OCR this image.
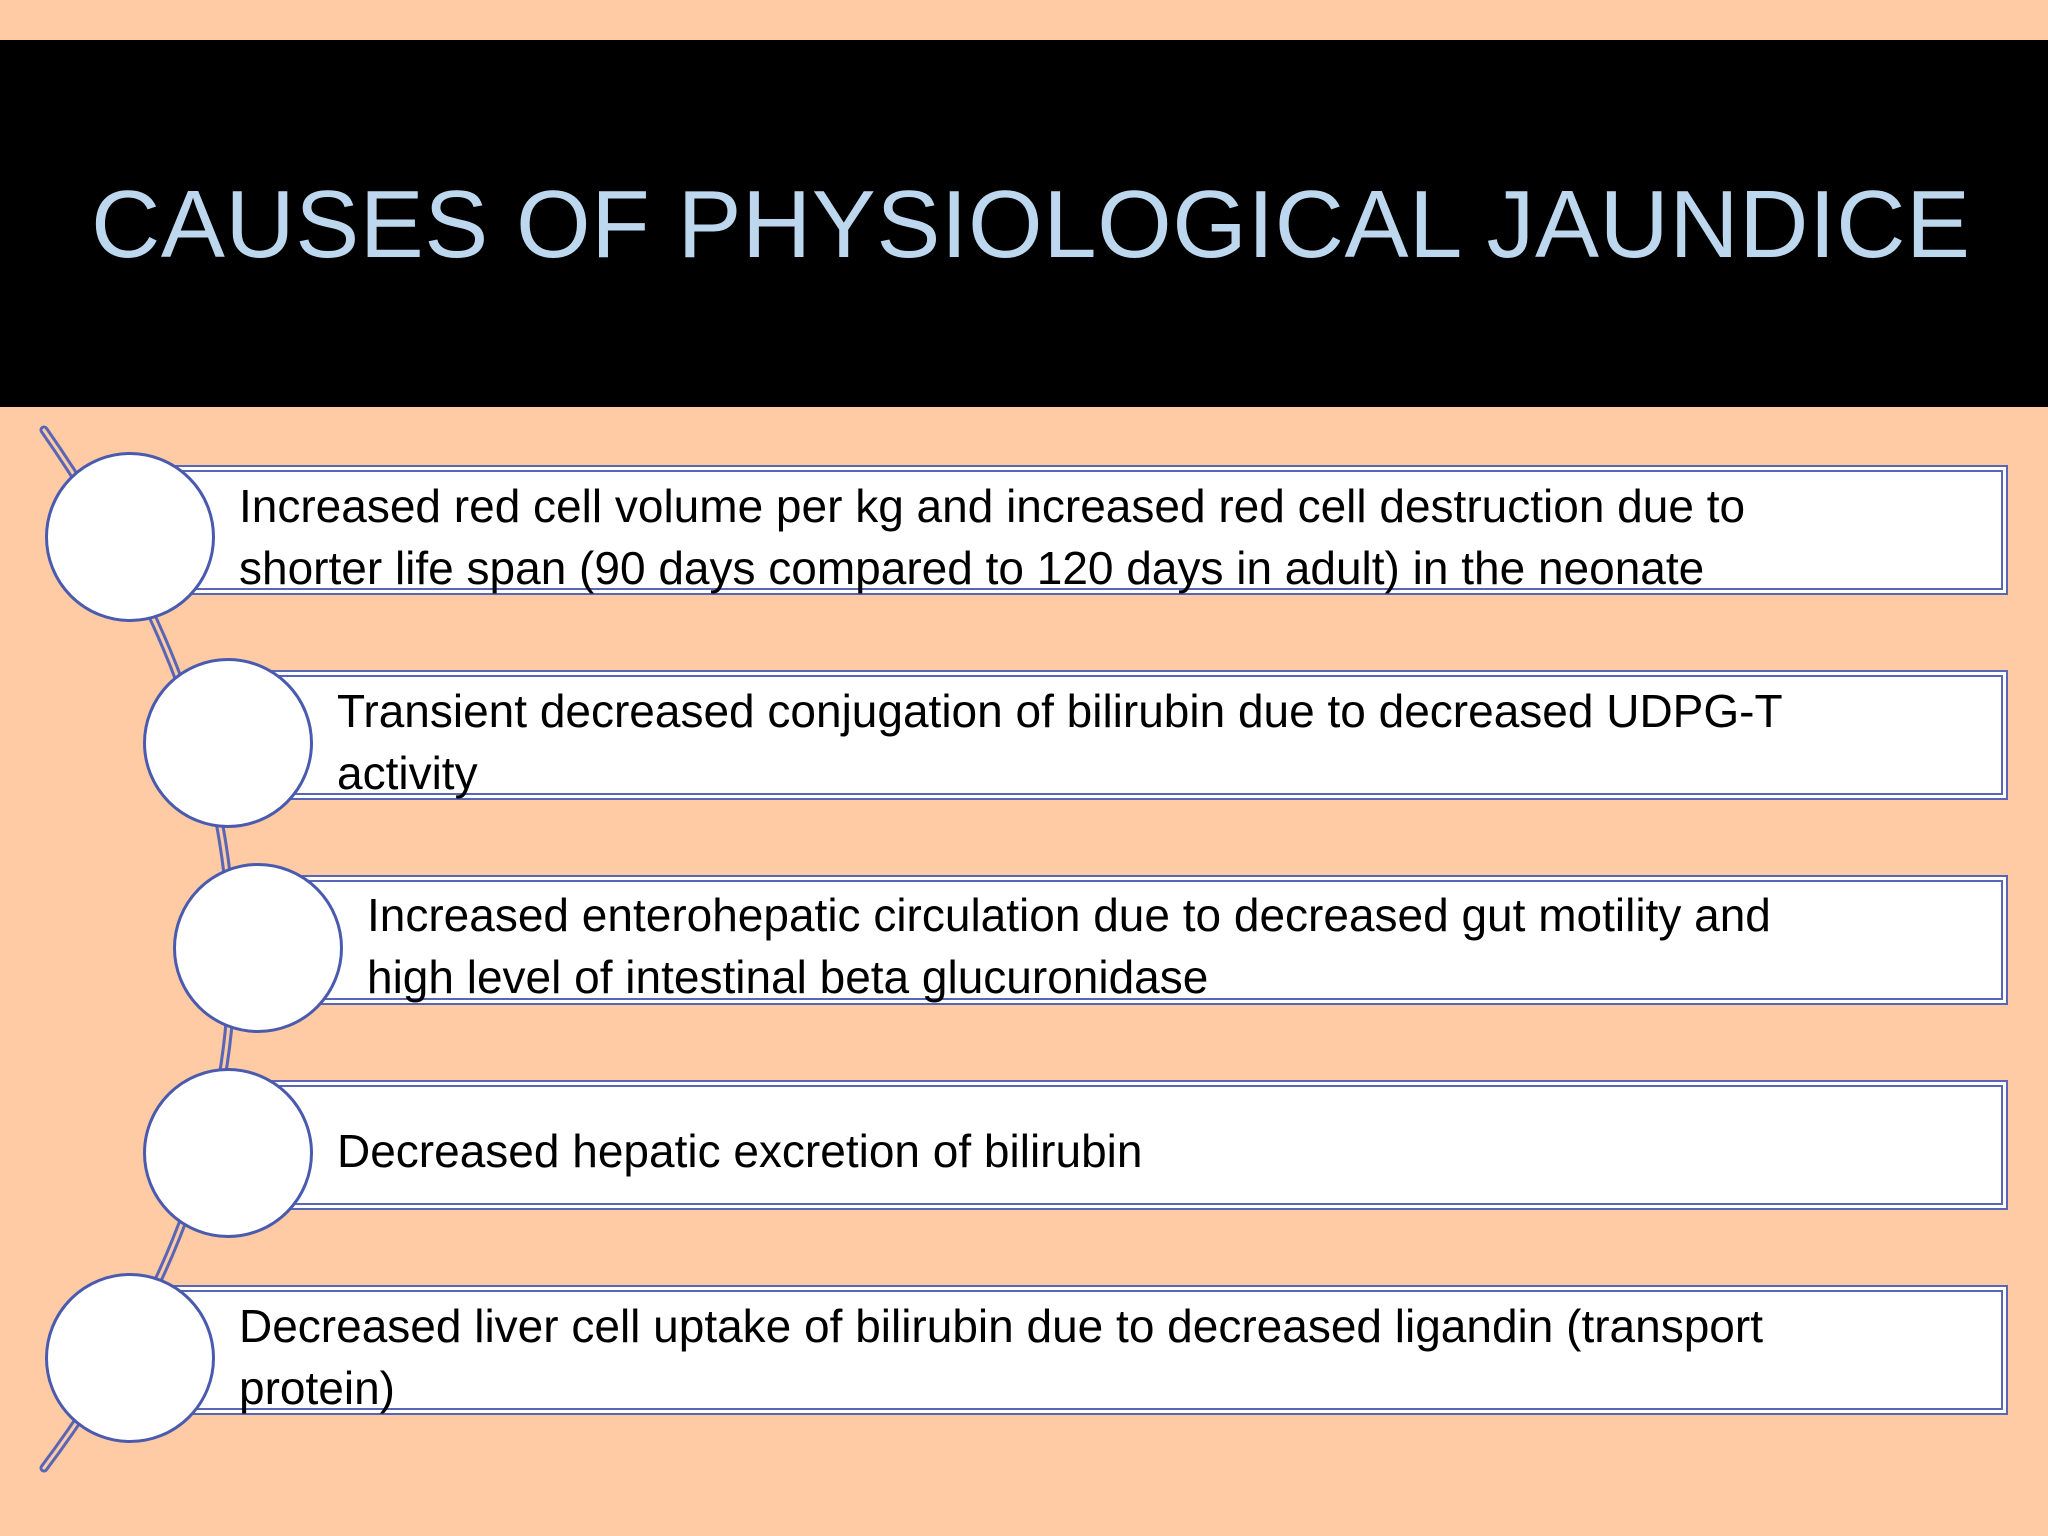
CAUSES OF PHYSIOLOGICAL JAUNDICE
Increased red cell volume per kg and increased red cell destruction due to
shorter life span (90 days compared to 120 days in adult) in the neonate
Transient decreased conjugation of bilirubin due to decreased UDPG-T
activity
Increased enterohepatic circulation due to decreased gut motility and
high level of intestinal beta glucuronidase
Decreased hepatic excretion of bilirubin
Decreased liver cell uptake of bilirubin due to decreased ligandin (transport
protein)
